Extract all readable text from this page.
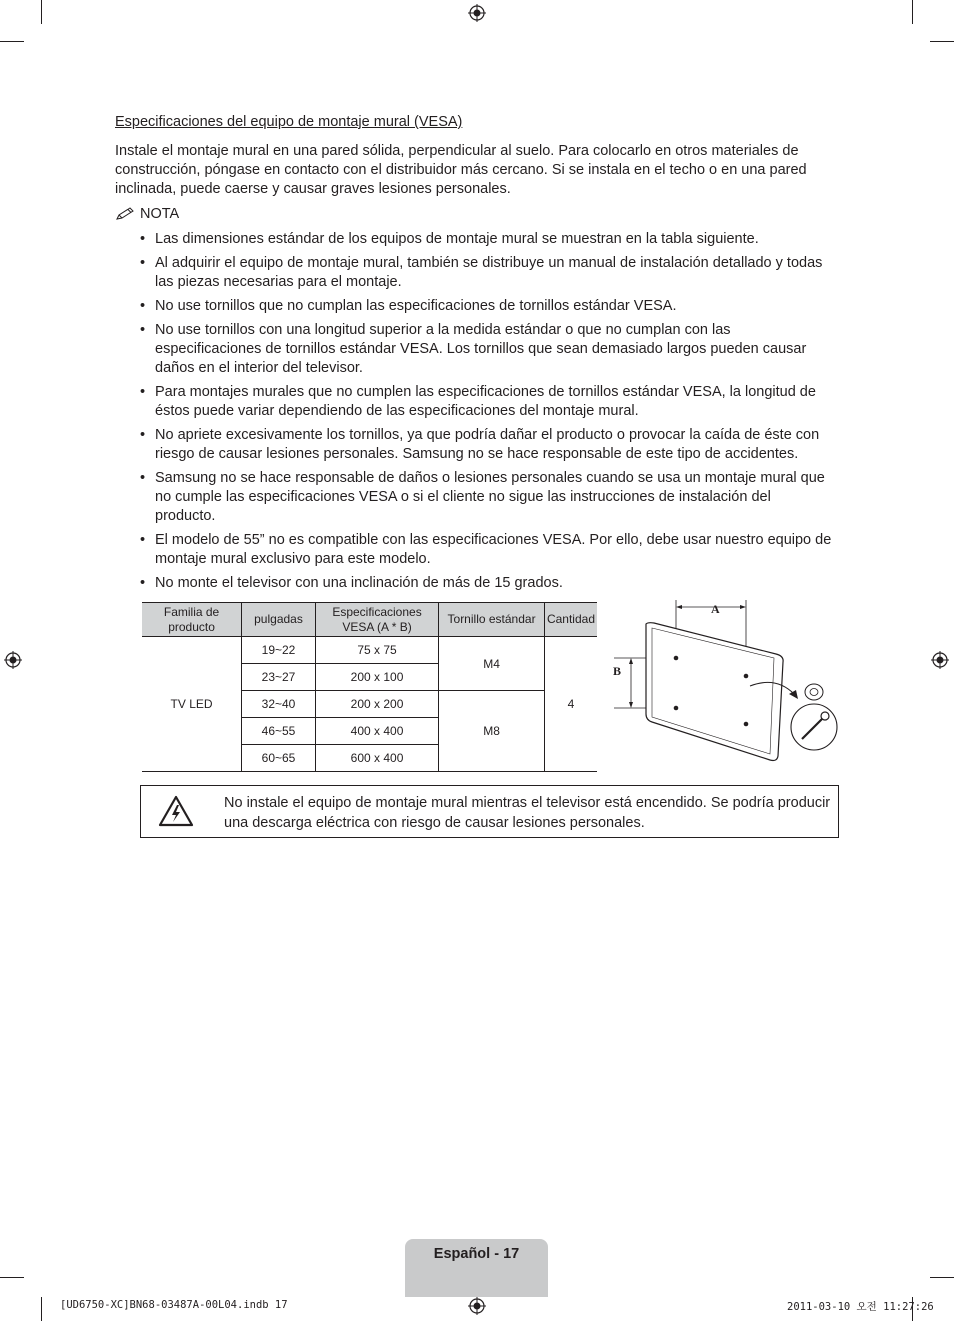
Especificaciones del equipo de montaje mural (VESA)
Instale el montaje mural en una pared sólida, perpendicular al suelo. Para colocarlo en otros materiales de construcción, póngase en contacto con el distribuidor más cercano. Si se instala en el techo o en una pared inclinada, puede caerse y causar graves lesiones personales.
NOTA
• Las dimensiones estándar de los equipos de montaje mural se muestran en la tabla siguiente.
• Al adquirir el equipo de montaje mural, también se distribuye un manual de instalación detallado y todas las piezas necesarias para el montaje.
• No use tornillos que no cumplan las especificaciones de tornillos estándar VESA.
• No use tornillos con una longitud superior a la medida estándar o que no cumplan con las especificaciones de tornillos estándar VESA. Los tornillos que sean demasiado largos pueden causar daños en el interior del televisor.
• Para montajes murales que no cumplen las especificaciones de tornillos estándar VESA, la longitud de éstos puede variar dependiendo de las especificaciones del montaje mural.
• No apriete excesivamente los tornillos, ya que podría dañar el producto o provocar la caída de éste con riesgo de causar lesiones personales. Samsung no se hace responsable de este tipo de accidentes.
• Samsung no se hace responsable de daños o lesiones personales cuando se usa un montaje mural que no cumple las especificaciones VESA o si el cliente no sigue las instrucciones de instalación del producto.
• El modelo de 55” no es compatible con las especificaciones VESA. Por ello, debe usar nuestro equipo de montaje mural exclusivo para este modelo.
• No monte el televisor con una inclinación de más de 15 grados.
Familia de producto	pulgadas	Especificaciones VESA (A * B)	Tornillo estándar	Cantidad
TV LED	19~22	75 x 75	M4	4
	23~27	200 x 100		
	32~40	200 x 200	M8	
	46~55	400 x 400		
	60~65	600 x 400		
A
B
No instale el equipo de montaje mural mientras el televisor está encendido. Se podría producir una descarga eléctrica con riesgo de causar lesiones personales.
Español - 17
[UD6750-XC]BN68-03487A-00L04.indb 17	2011-03-10 오전 11:27:26
